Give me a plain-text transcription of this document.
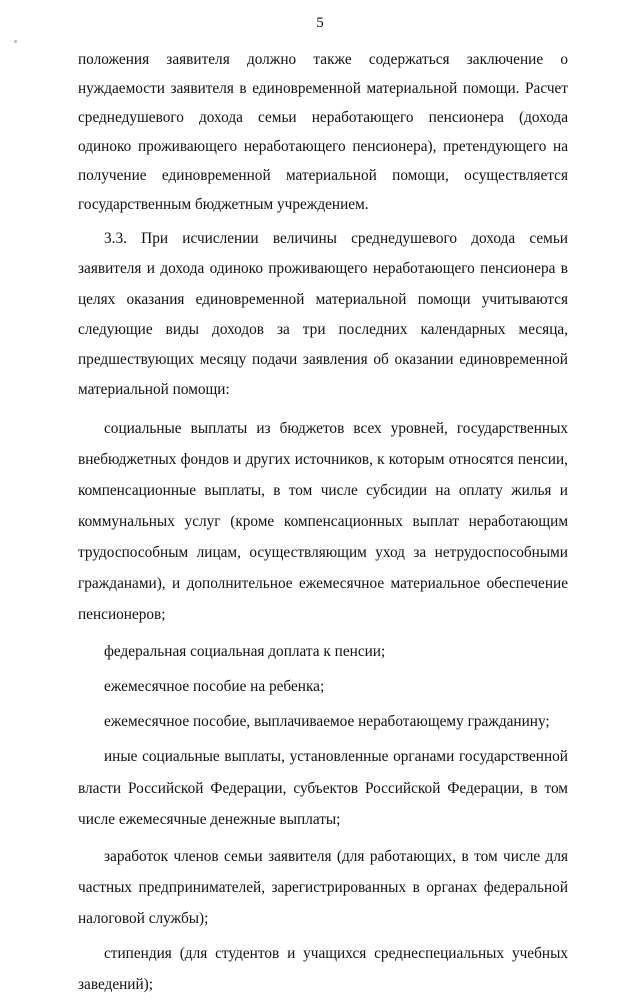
5

положения заявителя должно также содержаться заключение о нуждаемости заявителя в единовременной материальной помощи. Расчет среднедушевого дохода семьи неработающего пенсионера (дохода одиноко проживающего неработающего пенсионера), претендующего на получение единовременной материальной помощи, осуществляется государственным бюджетным учреждением.

3.3. При исчислении величины среднедушевого дохода семьи заявителя и дохода одиноко проживающего неработающего пенсионера в целях оказания единовременной материальной помощи учитываются следующие виды доходов за три последних календарных месяца, предшествующих месяцу подачи заявления об оказании единовременной материальной помощи:

социальные выплаты из бюджетов всех уровней, государственных внебюджетных фондов и других источников, к которым относятся пенсии, компенсационные выплаты, в том числе субсидии на оплату жилья и коммунальных услуг (кроме компенсационных выплат неработающим трудоспособным лицам, осуществляющим уход за нетрудоспособными гражданами), и дополнительное ежемесячное материальное обеспечение пенсионеров;

федеральная социальная доплата к пенсии;

ежемесячное пособие на ребенка;

ежемесячное пособие, выплачиваемое неработающему гражданину;

иные социальные выплаты, установленные органами государственной власти Российской Федерации, субъектов Российской Федерации, в том числе ежемесячные денежные выплаты;

заработок членов семьи заявителя (для работающих, в том числе для частных предпринимателей, зарегистрированных в органах федеральной налоговой службы);

стипендия (для студентов и учащихся среднеспециальных учебных заведений);
